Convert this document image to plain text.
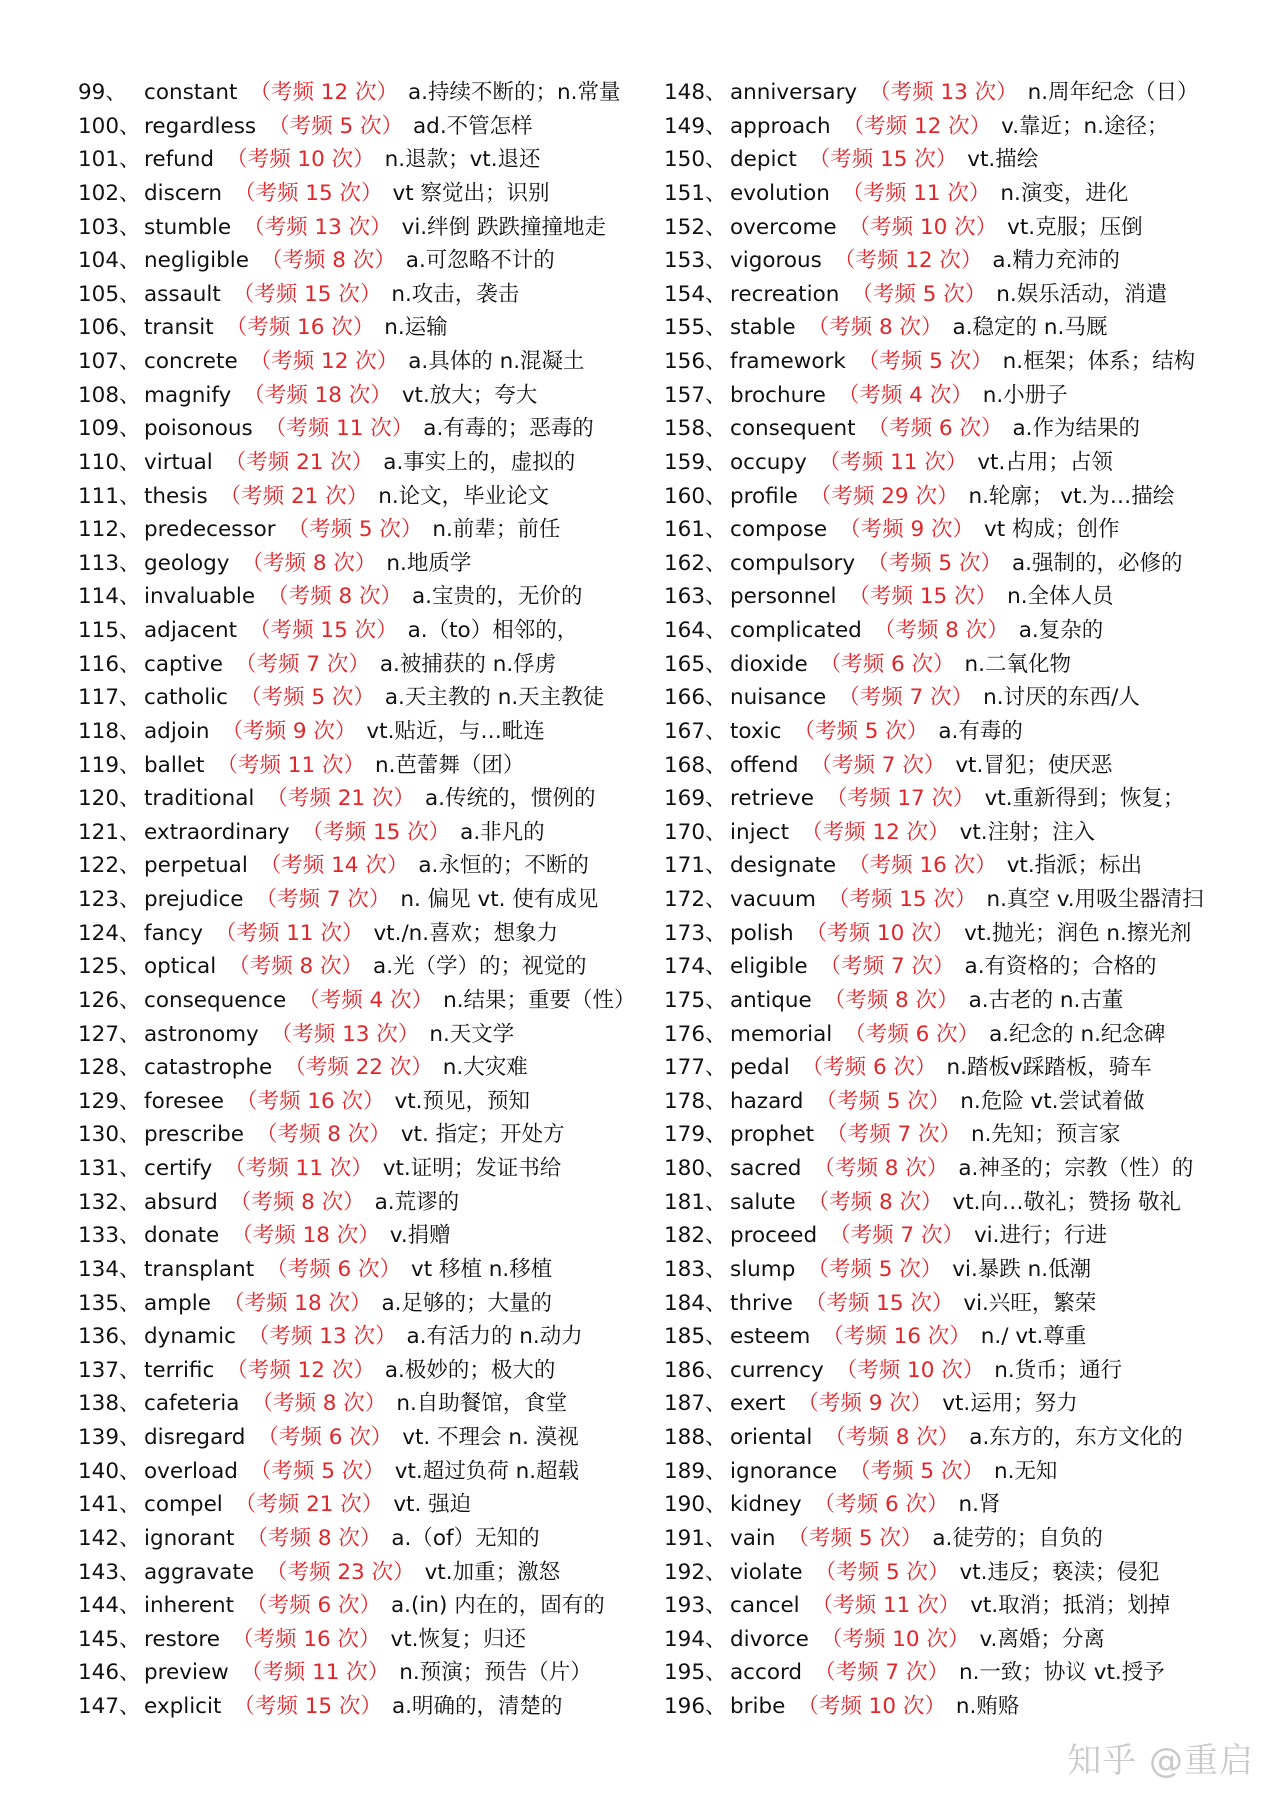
99、 constant （考频 12 次） a.持续不断的；n.常量
100、 regardless （考频 5 次） ad.不管怎样
101、 refund （考频 10 次） n.退款；vt.退还
102、 discern （考频 15 次） vt 察觉出；识别
103、 stumble （考频 13 次） vi.绊倒 跌跌撞撞地走
104、 negligible （考频 8 次） a.可忽略不计的
105、 assault （考频 15 次） n.攻击，袭击
106、 transit （考频 16 次） n.运输
107、 concrete （考频 12 次） a.具体的 n.混凝土
108、 magnify （考频 18 次） vt.放大；夸大
109、 poisonous （考频 11 次） a.有毒的；恶毒的
110、 virtual （考频 21 次） a.事实上的，虚拟的
111、 thesis （考频 21 次） n.论文，毕业论文
112、 predecessor （考频 5 次） n.前辈；前任
113、 geology （考频 8 次） n.地质学
114、 invaluable （考频 8 次） a.宝贵的，无价的
115、 adjacent （考频 15 次） a.（to）相邻的，
116、 captive （考频 7 次） a.被捕获的 n.俘虏
117、 catholic （考频 5 次） a.天主教的 n.天主教徒
118、 adjoin （考频 9 次） vt.贴近，与…毗连
119、 ballet （考频 11 次） n.芭蕾舞（团）
120、 traditional （考频 21 次） a.传统的，惯例的
121、 extraordinary （考频 15 次） a.非凡的
122、 perpetual （考频 14 次） a.永恒的；不断的
123、 prejudice （考频 7 次） n. 偏见 vt. 使有成见
124、 fancy （考频 11 次） vt./n.喜欢；想象力
125、 optical （考频 8 次） a.光（学）的；视觉的
126、 consequence （考频 4 次） n.结果；重要（性）
127、 astronomy （考频 13 次） n.天文学
128、 catastrophe （考频 22 次） n.大灾难
129、 foresee （考频 16 次） vt.预见，预知
130、 prescribe （考频 8 次） vt. 指定；开处方
131、 certify （考频 11 次） vt.证明；发证书给
132、 absurd （考频 8 次） a.荒谬的
133、 donate （考频 18 次） v.捐赠
134、 transplant （考频 6 次） vt 移植 n.移植
135、 ample （考频 18 次） a.足够的；大量的
136、 dynamic （考频 13 次） a.有活力的 n.动力
137、 terrific （考频 12 次） a.极妙的；极大的
138、 cafeteria （考频 8 次） n.自助餐馆，食堂
139、 disregard （考频 6 次） vt. 不理会 n. 漠视
140、 overload （考频 5 次） vt.超过负荷 n.超载
141、 compel （考频 21 次） vt. 强迫
142、 ignorant （考频 8 次） a.（of）无知的
143、 aggravate （考频 23 次） vt.加重；激怒
144、 inherent （考频 6 次） a.(in) 内在的，固有的
145、 restore （考频 16 次） vt.恢复；归还
146、 preview （考频 11 次） n.预演；预告（片）
147、 explicit （考频 15 次） a.明确的，清楚的
148、 anniversary （考频 13 次） n.周年纪念（日）
149、 approach （考频 12 次） v.靠近；n.途径；
150、 depict （考频 15 次） vt.描绘
151、 evolution （考频 11 次） n.演变，进化
152、 overcome （考频 10 次） vt.克服；压倒
153、 vigorous （考频 12 次） a.精力充沛的
154、 recreation （考频 5 次） n.娱乐活动，消遣
155、 stable （考频 8 次） a.稳定的 n.马厩
156、 framework （考频 5 次） n.框架；体系；结构
157、 brochure （考频 4 次） n.小册子
158、 consequent （考频 6 次） a.作为结果的
159、 occupy （考频 11 次） vt.占用；占领
160、 profile （考频 29 次） n.轮廓； vt.为…描绘
161、 compose （考频 9 次） vt 构成；创作
162、 compulsory （考频 5 次） a.强制的，必修的
163、 personnel （考频 15 次） n.全体人员
164、 complicated （考频 8 次） a.复杂的
165、 dioxide （考频 6 次） n.二氧化物
166、 nuisance （考频 7 次） n.讨厌的东西/人
167、 toxic （考频 5 次） a.有毒的
168、 offend （考频 7 次） vt.冒犯；使厌恶
169、 retrieve （考频 17 次） vt.重新得到；恢复；
170、 inject （考频 12 次） vt.注射；注入
171、 designate （考频 16 次） vt.指派；标出
172、 vacuum （考频 15 次） n.真空 v.用吸尘器清扫
173、 polish （考频 10 次） vt.抛光；润色 n.擦光剂
174、 eligible （考频 7 次） a.有资格的；合格的
175、 antique （考频 8 次） a.古老的 n.古董
176、 memorial （考频 6 次） a.纪念的 n.纪念碑
177、 pedal （考频 6 次） n.踏板v踩踏板，骑车
178、 hazard （考频 5 次） n.危险 vt.尝试着做
179、 prophet （考频 7 次） n.先知；预言家
180、 sacred （考频 8 次） a.神圣的；宗教（性）的
181、 salute （考频 8 次） vt.向…敬礼；赞扬 敬礼
182、 proceed （考频 7 次） vi.进行；行进
183、 slump （考频 5 次） vi.暴跌 n.低潮
184、 thrive （考频 15 次） vi.兴旺，繁荣
185、 esteem （考频 16 次） n./ vt.尊重
186、 currency （考频 10 次） n.货币；通行
187、 exert （考频 9 次） vt.运用；努力
188、 oriental （考频 8 次） a.东方的，东方文化的
189、 ignorance （考频 5 次） n.无知
190、 kidney （考频 6 次） n.肾
191、 vain （考频 5 次） a.徒劳的；自负的
192、 violate （考频 5 次） vt.违反；亵渎；侵犯
193、 cancel （考频 11 次） vt.取消；抵消；划掉
194、 divorce （考频 10 次） v.离婚；分离
195、 accord （考频 7 次） n.一致；协议 vt.授予
196、 bribe （考频 10 次） n.贿赂
知乎 @重启
